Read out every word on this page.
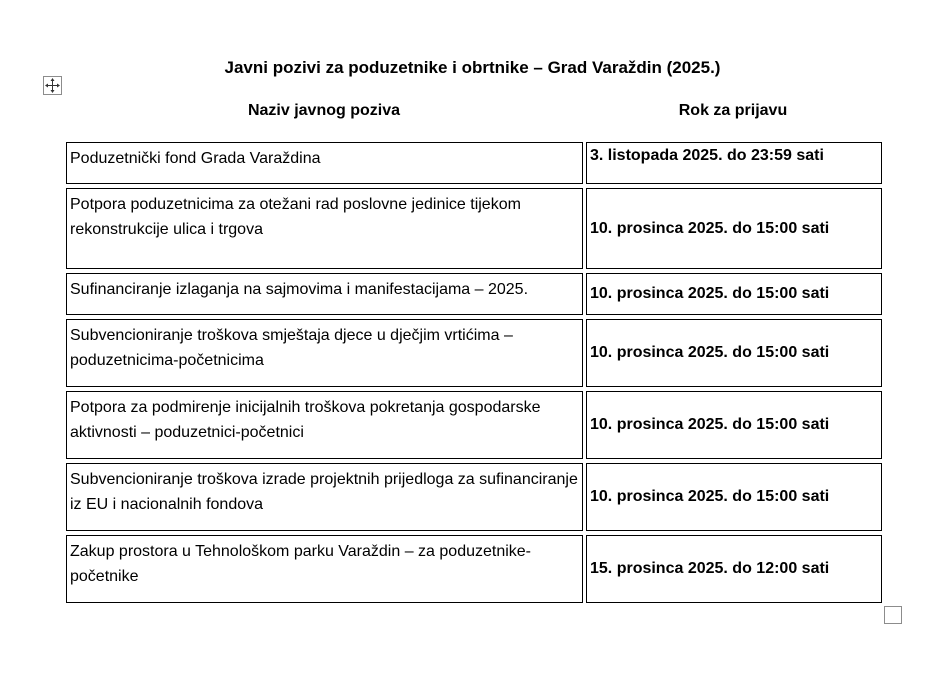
Javni pozivi za poduzetnike i obrtnike – Grad Varaždin (2025.)
Naziv javnog poziva	Rok za prijavu
Poduzetnički fond Grada Varaždina	3. listopada 2025. do 23:59 sati
Potpora poduzetnicima za otežani rad poslovne jedinice tijekom rekonstrukcije ulica i trgova	10. prosinca 2025. do 15:00 sati
Sufinanciranje izlaganja na sajmovima i manifestacijama – 2025.	10. prosinca 2025. do 15:00 sati
Subvencioniranje troškova smještaja djece u dječjim vrtićima – poduzetnicima-početnicima	10. prosinca 2025. do 15:00 sati
Potpora za podmirenje inicijalnih troškova pokretanja gospodarske aktivnosti – poduzetnici-početnici	10. prosinca 2025. do 15:00 sati
Subvencioniranje troškova izrade projektnih prijedloga za sufinanciranje iz EU i nacionalnih fondova	10. prosinca 2025. do 15:00 sati
Zakup prostora u Tehnološkom parku Varaždin – za poduzetnike-početnike	15. prosinca 2025. do 12:00 sati
